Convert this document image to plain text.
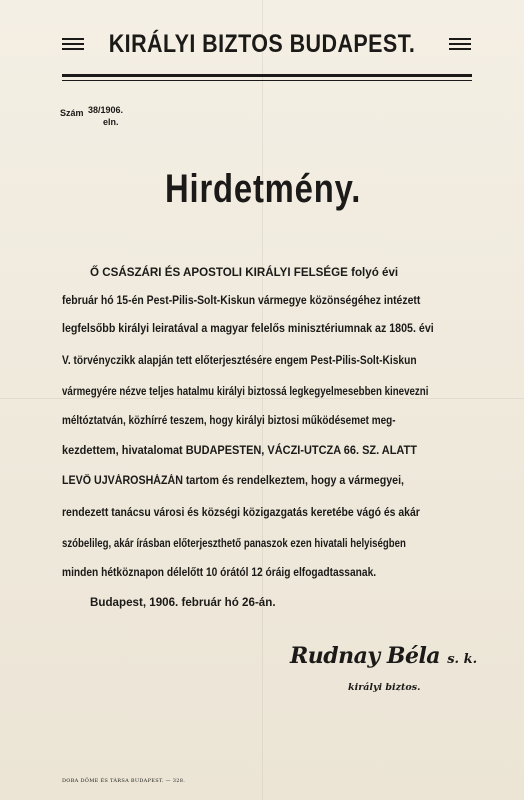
KIRÁLYI BIZTOS BUDAPEST.
Szám 38/1906.
eln.
Hirdetmény.
Ő CSÁSZÁRI ÉS APOSTOLI KIRÁLYI FELSÉGE folyó évi
február hó 15-én Pest-Pilis-Solt-Kiskun vármegye közönségéhez intézett
legfelsőbb királyi leiratával a magyar felelős minisztériumnak az 1805. évi
V. törvényczikk alapján tett előterjesztésére engem Pest-Pilis-Solt-Kiskun
vármegyére nézve teljes hatalmu királyi biztossá legkegyelmesebben kinevezni
méltóztatván, közhírré teszem, hogy királyi biztosi működésemet meg-
kezdettem, hivatalomat BUDAPESTEN, VÁCZI-UTCZA 66. SZ. ALATT
LEVŐ UJVÁROSHÁZÁN tartom és rendelkeztem, hogy a vármegyei,
rendezett tanácsu városi és községi közigazgatás keretébe vágó és akár
szóbelileg, akár írásban előterjeszthető panaszok ezen hivatali helyiségben
minden hétköznapon délelőtt 10 órától 12 óráig elfogadtassanak.
Budapest, 1906. február hó 26-án.
Rudnay Béla s. k.
királyi biztos.
DOBA DÖME ÉS TÁRSA BUDAPEST. — 328.
